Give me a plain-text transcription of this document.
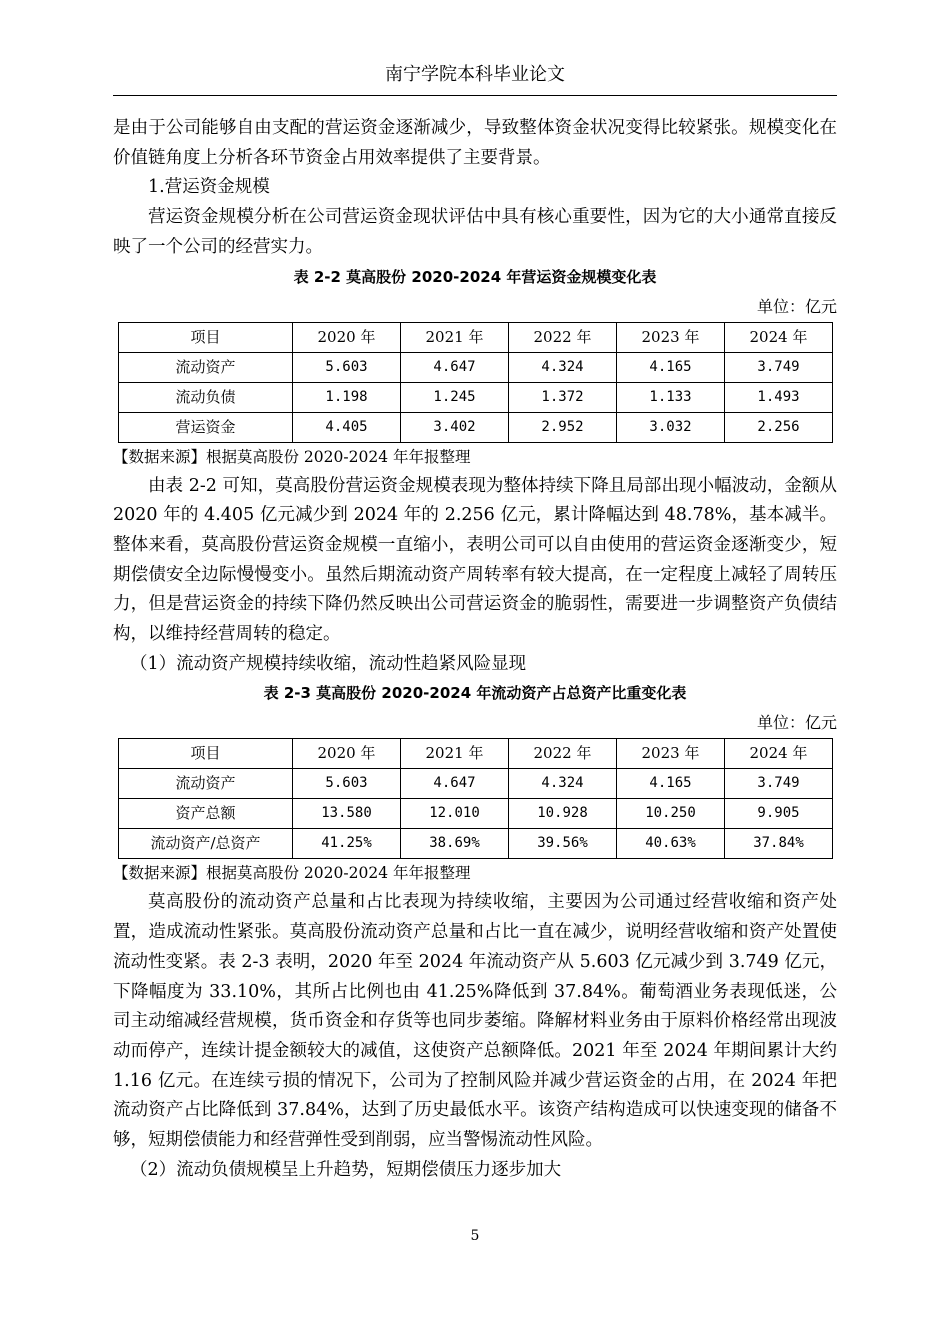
南宁学院本科毕业论文

是由于公司能够自由支配的营运资金逐渐减少，导致整体资金状况变得比较紧张。规模变化在价值链角度上分析各环节资金占用效率提供了主要背景。

1.营运资金规模

营运资金规模分析在公司营运资金现状评估中具有核心重要性，因为它的大小通常直接反映了一个公司的经营实力。

表 2-2 莫高股份 2020-2024 年营运资金规模变化表
单位：亿元
项目	2020 年	2021 年	2022 年	2023 年	2024 年
流动资产	5.603	4.647	4.324	4.165	3.749
流动负债	1.198	1.245	1.372	1.133	1.493
营运资金	4.405	3.402	2.952	3.032	2.256
【数据来源】根据莫高股份 2020-2024 年年报整理

由表 2-2 可知，莫高股份营运资金规模表现为整体持续下降且局部出现小幅波动，金额从 2020 年的 4.405 亿元减少到 2024 年的 2.256 亿元，累计降幅达到 48.78%，基本减半。整体来看，莫高股份营运资金规模一直缩小，表明公司可以自由使用的营运资金逐渐变少，短期偿债安全边际慢慢变小。虽然后期流动资产周转率有较大提高，在一定程度上减轻了周转压力，但是营运资金的持续下降仍然反映出公司营运资金的脆弱性，需要进一步调整资产负债结构，以维持经营周转的稳定。

（1）流动资产规模持续收缩，流动性趋紧风险显现

表 2-3 莫高股份 2020-2024 年流动资产占总资产比重变化表
单位：亿元
项目	2020 年	2021 年	2022 年	2023 年	2024 年
流动资产	5.603	4.647	4.324	4.165	3.749
资产总额	13.580	12.010	10.928	10.250	9.905
流动资产/总资产	41.25%	38.69%	39.56%	40.63%	37.84%
【数据来源】根据莫高股份 2020-2024 年年报整理

莫高股份的流动资产总量和占比表现为持续收缩，主要因为公司通过经营收缩和资产处置，造成流动性紧张。莫高股份流动资产总量和占比一直在减少，说明经营收缩和资产处置使流动性变紧。表 2-3 表明，2020 年至 2024 年流动资产从 5.603 亿元减少到 3.749 亿元，下降幅度为 33.10%，其所占比例也由 41.25%降低到 37.84%。葡萄酒业务表现低迷，公司主动缩减经营规模，货币资金和存货等也同步萎缩。降解材料业务由于原料价格经常出现波动而停产，连续计提金额较大的减值，这使资产总额降低。2021 年至 2024 年期间累计大约 1.16 亿元。在连续亏损的情况下，公司为了控制风险并减少营运资金的占用，在 2024 年把流动资产占比降低到 37.84%，达到了历史最低水平。该资产结构造成可以快速变现的储备不够，短期偿债能力和经营弹性受到削弱，应当警惕流动性风险。

（2）流动负债规模呈上升趋势，短期偿债压力逐步加大

5
